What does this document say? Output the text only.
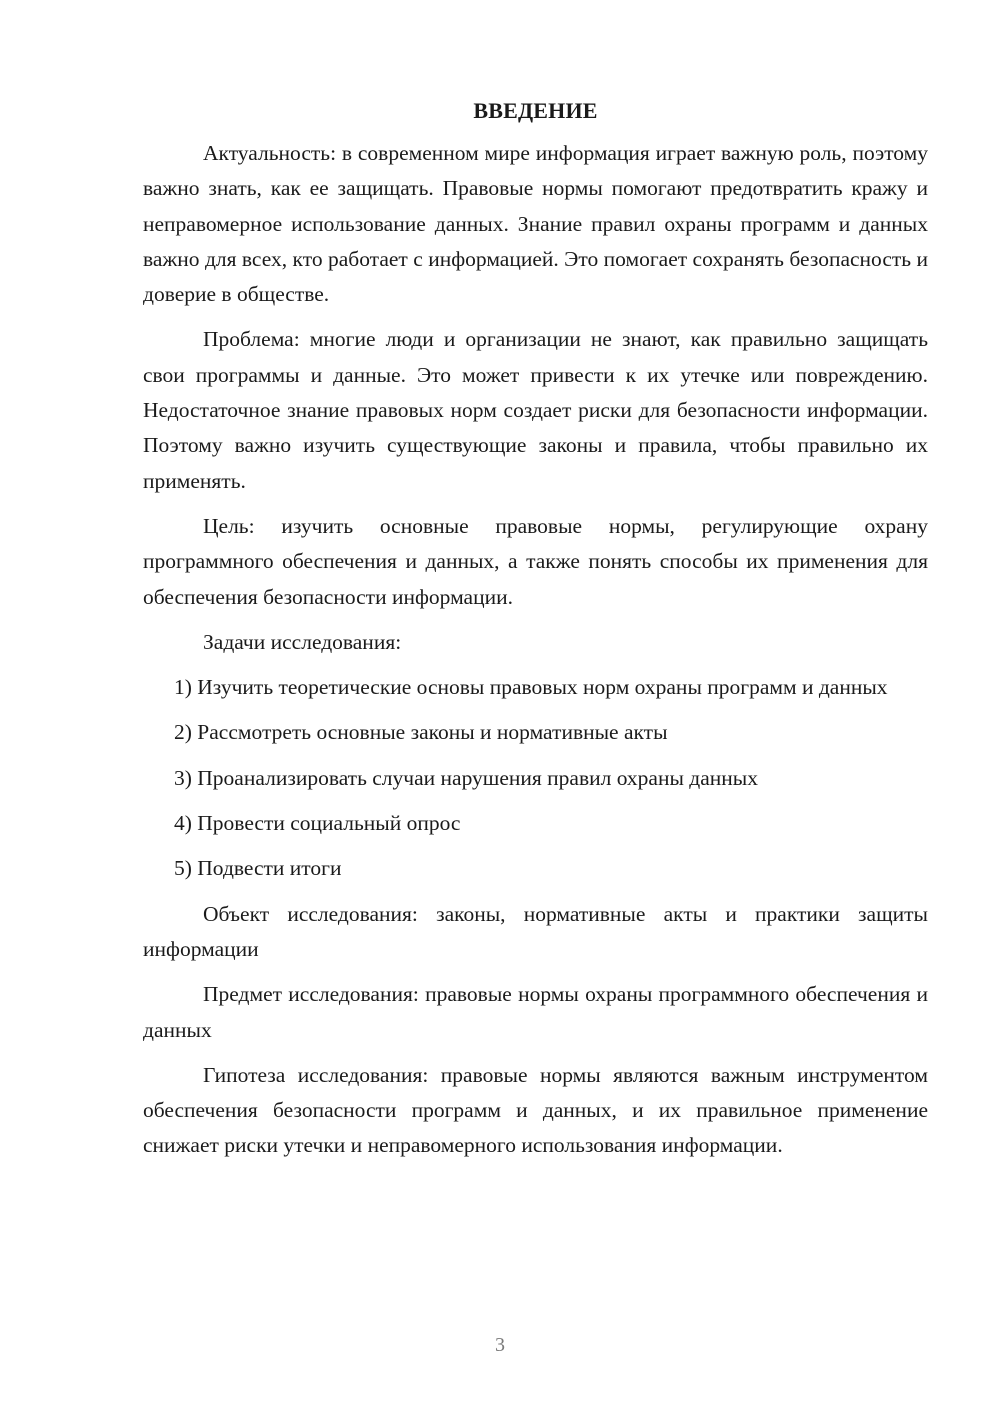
ВВЕДЕНИЕ

Актуальность: в современном мире информация играет важную роль, поэтому важно знать, как ее защищать. Правовые нормы помогают предотвратить кражу и неправомерное использование данных. Знание правил охраны программ и данных важно для всех, кто работает с информацией. Это помогает сохранять безопасность и доверие в обществе.

Проблема: многие люди и организации не знают, как правильно защищать свои программы и данные. Это может привести к их утечке или повреждению. Недостаточное знание правовых норм создает риски для безопасности информации. Поэтому важно изучить существующие законы и правила, чтобы правильно их применять.

Цель: изучить основные правовые нормы, регулирующие охрану программного обеспечения и данных, а также понять способы их применения для обеспечения безопасности информации.

Задачи исследования:

1) Изучить теоретические основы правовых норм охраны программ и данных

2) Рассмотреть основные законы и нормативные акты

3) Проанализировать случаи нарушения правил охраны данных

4) Провести социальный опрос

5) Подвести итоги

Объект исследования: законы, нормативные акты и практики защиты информации

Предмет исследования: правовые нормы охраны программного обеспечения и данных

Гипотеза исследования: правовые нормы являются важным инструментом обеспечения безопасности программ и данных, и их правильное применение снижает риски утечки и неправомерного использования информации.

3
